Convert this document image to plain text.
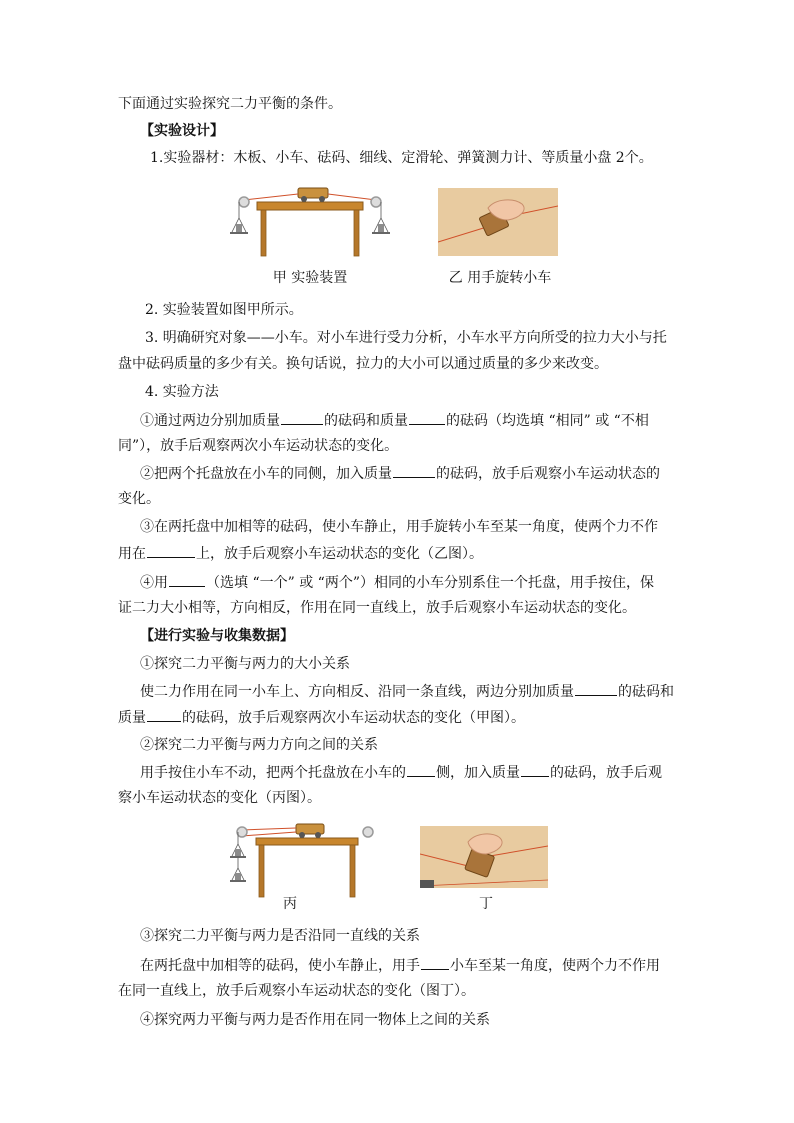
下面通过实验探究二力平衡的条件。
【实验设计】
1.实验器材：木板、小车、砝码、细线、定滑轮、弹簧测力计、等质量小盘 2个。
甲 实验装置	乙 用手旋转小车
2. 实验装置如图甲所示。
3. 明确研究对象——小车。对小车进行受力分析，小车水平方向所受的拉力大小与托
盘中砝码质量的多少有关。换句话说，拉力的大小可以通过质量的多少来改变。
4. 实验方法
①通过两边分别加质量	的砝码和质量	的砝码（均选填 “相同” 或 “不相
同”），放手后观察两次小车运动状态的变化。
②把两个托盘放在小车的同侧，加入质量	的砝码，放手后观察小车运动状态的
变化。
③在两托盘中加相等的砝码，使小车静止，用手旋转小车至某一角度，使两个力不作
用在	上，放手后观察小车运动状态的变化（乙图）。
④用	（选填 “一个” 或 “两个”）相同的小车分别系住一个托盘，用手按住，保
证二力大小相等，方向相反，作用在同一直线上，放手后观察小车运动状态的变化。
【进行实验与收集数据】
①探究二力平衡与两力的大小关系
使二力作用在同一小车上、方向相反、沿同一条直线，两边分别加质量	的砝码和
质量	的砝码，放手后观察两次小车运动状态的变化（甲图）。
②探究二力平衡与两力方向之间的关系
用手按住小车不动，把两个托盘放在小车的 侧，加入质量 的砝码，放手后观
察小车运动状态的变化（丙图）。
丙	丁
③探究二力平衡与两力是否沿同一直线的关系
在两托盘中加相等的砝码，使小车静止，用手 小车至某一角度，使两个力不作用
在同一直线上，放手后观察小车运动状态的变化（图丁）。
④探究两力平衡与两力是否作用在同一物体上之间的关系
